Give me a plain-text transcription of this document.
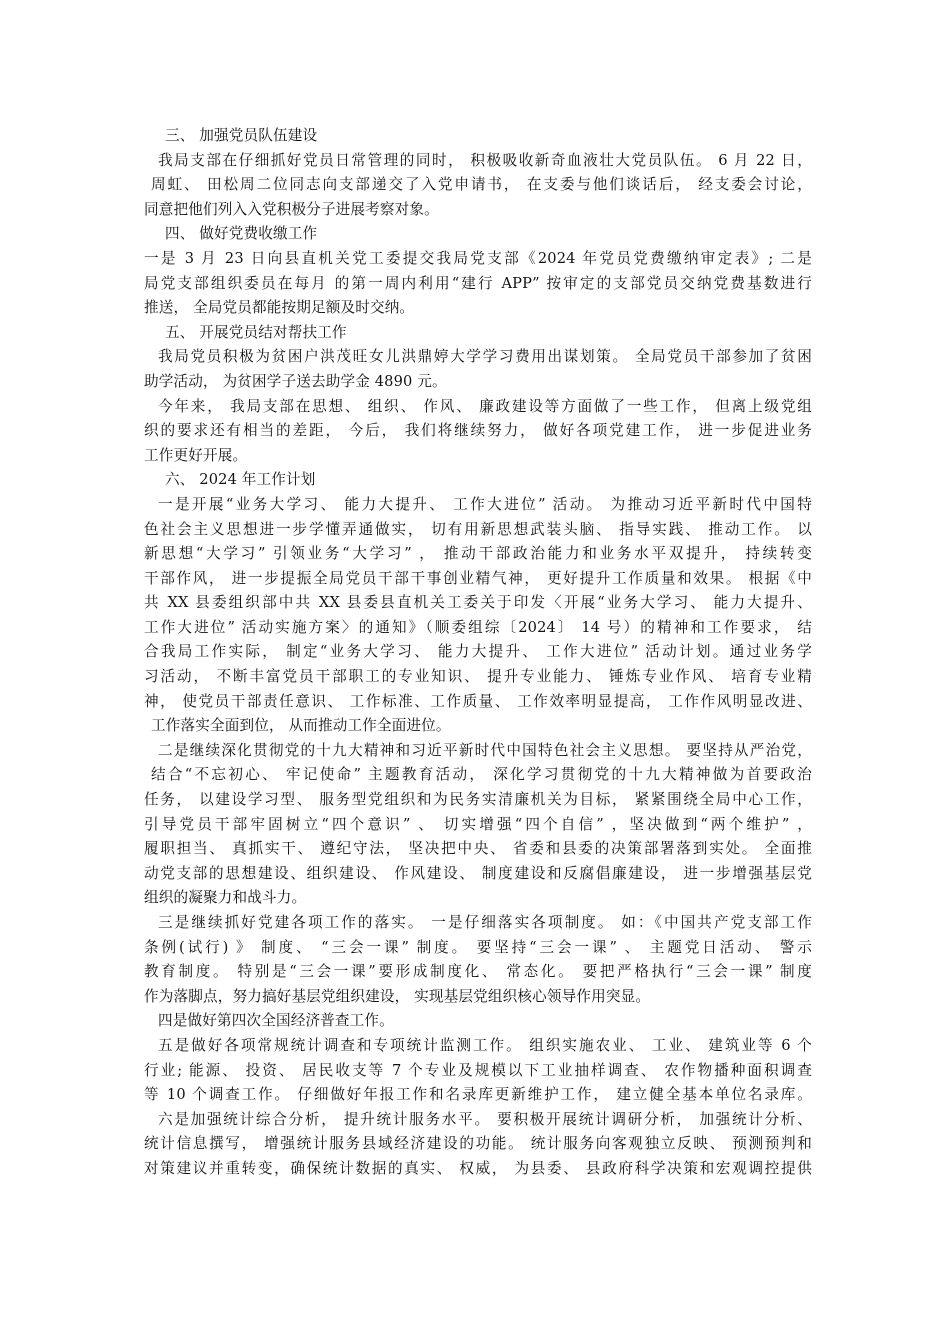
三、 加强党员队伍建设
我局支部在仔细抓好党员日常管理的同时， 积极吸收新奇血液壮大党员队伍。 6 月 22 日，
周虹、 田松周二位同志向支部递交了入党申请书， 在支委与他们谈话后， 经支委会讨论，
同意把他们列入入党积极分子进展考察对象。
四、 做好党费收缴工作
一是 3 月 23 日向县直机关党工委提交我局党支部《2024 年党员党费缴纳审定表》; 二是
局党支部组织委员在每月 的第一周内利用“建行 APP” 按审定的支部党员交纳党费基数进行
推送， 全局党员都能按期足额及时交纳。
五、 开展党员结对帮扶工作
我局党员积极为贫困户洪茂旺女儿洪鼎婷大学学习费用出谋划策。 全局党员干部参加了贫困
助学活动， 为贫困学子送去助学金 4890 元。
今年来， 我局支部在思想、 组织、 作风、 廉政建设等方面做了一些工作， 但离上级党组
织的要求还有相当的差距， 今后， 我们将继续努力， 做好各项党建工作， 进一步促进业务
工作更好开展。
六、 2024 年工作计划
一是开展“业务大学习、 能力大提升、 工作大进位” 活动。 为推动习近平新时代中国特
色社会主义思想进一步学懂弄通做实， 切有用新思想武装头脑、 指导实践、 推动工作。 以
新思想“大学习” 引领业务“大学习” ， 推动干部政治能力和业务水平双提升， 持续转变
干部作风， 进一步提振全局党员干部干事创业精气神， 更好提升工作质量和效果。 根据《中
共 XX 县委组织部中共 XX 县委县直机关工委关于印发〈开展“业务大学习、 能力大提升、
工作大进位” 活动实施方案〉的通知》（顺委组综〔2024〕 14 号）的精神和工作要求， 结
合我局工作实际， 制定“业务大学习、 能力大提升、 工作大进位” 活动计划。通过业务学
习活动， 不断丰富党员干部职工的专业知识、 提升专业能力、 锤炼专业作风、 培育专业精
神， 使党员干部责任意识、 工作标准、工作质量、 工作效率明显提高， 工作作风明显改进、
工作落实全面到位， 从而推动工作全面进位。
二是继续深化贯彻党的十九大精神和习近平新时代中国特色社会主义思想。 要坚持从严治党，
结合“不忘初心、 牢记使命” 主题教育活动， 深化学习贯彻党的十九大精神做为首要政治
任务， 以建设学习型、 服务型党组织和为民务实清廉机关为目标， 紧紧围绕全局中心工作，
引导党员干部牢固树立“四个意识” 、 切实增强“四个自信” ，坚决做到“两个维护” ，
履职担当、 真抓实干、 遵纪守法， 坚决把中央、 省委和县委的决策部署落到实处。 全面推
动党支部的思想建设、组织建设、 作风建设、 制度建设和反腐倡廉建设， 进一步增强基层党
组织的凝聚力和战斗力。
三是继续抓好党建各项工作的落实。 一是仔细落实各项制度。 如：《中国共产党支部工作
条例(试行) 》 制度、 “三会一课” 制度。 要坚持“三会一课” 、 主题党日活动、 警示
教育制度。 特别是“三会一课”要形成制度化、 常态化。 要把严格执行“三会一课” 制度
作为落脚点，努力搞好基层党组织建设， 实现基层党组织核心领导作用突显。
四是做好第四次全国经济普查工作。
五是做好各项常规统计调查和专项统计监测工作。 组织实施农业、 工业、 建筑业等 6 个
行业; 能源、 投资、 居民收支等 7 个专业及规模以下工业抽样调查、 农作物播种面积调查
等 10 个调查工作。 仔细做好年报工作和名录库更新维护工作， 建立健全基本单位名录库。
六是加强统计综合分析， 提升统计服务水平。 要积极开展统计调研分析， 加强统计分析、
统计信息撰写， 增强统计服务县域经济建设的功能。 统计服务向客观独立反映、 预测预判和
对策建议并重转变，确保统计数据的真实、 权威， 为县委、 县政府科学决策和宏观调控提供
